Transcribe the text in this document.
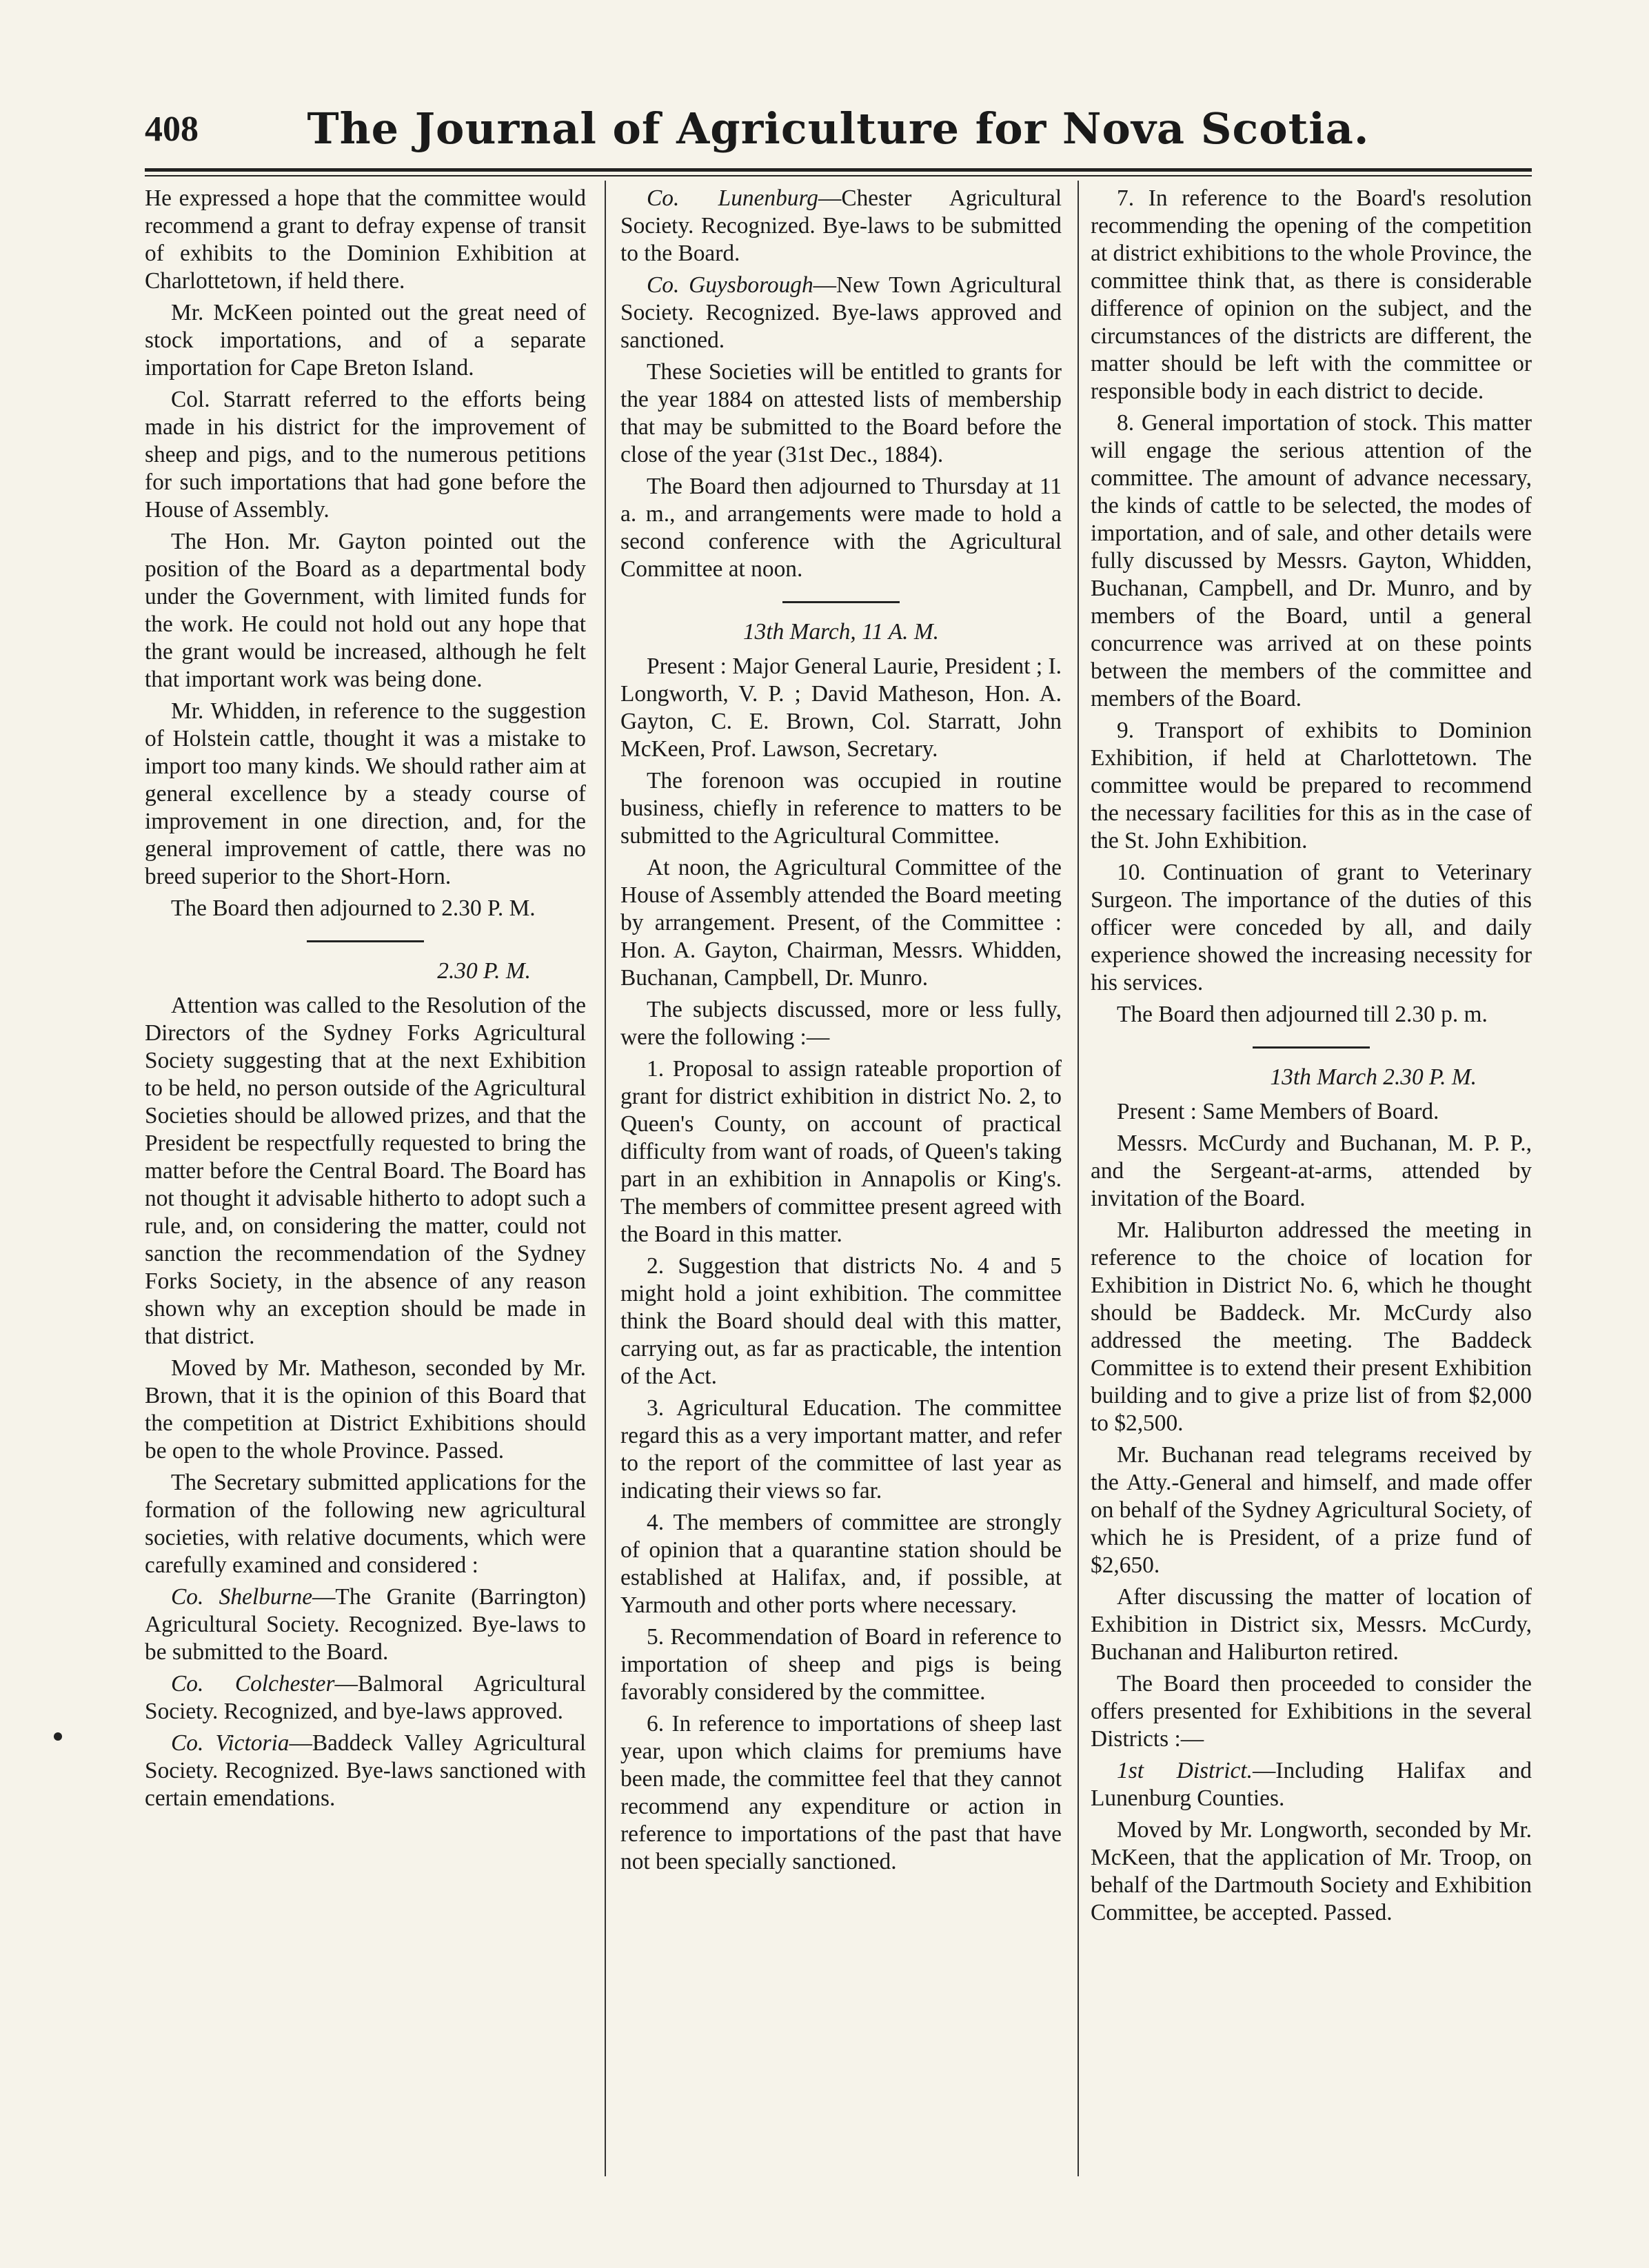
408	The Journal of Agriculture for Nova Scotia.

He expressed a hope that the committee would recommend a grant to defray expense of transit of exhibits to the Dominion Exhibition at Charlottetown, if held there.

Mr. McKeen pointed out the great need of stock importations, and of a separate importation for Cape Breton Island.

Col. Starratt referred to the efforts being made in his district for the improvement of sheep and pigs, and to the numerous petitions for such importations that had gone before the House of Assembly.

The Hon. Mr. Gayton pointed out the position of the Board as a departmental body under the Government, with limited funds for the work. He could not hold out any hope that the grant would be increased, although he felt that important work was being done.

Mr. Whidden, in reference to the suggestion of Holstein cattle, thought it was a mistake to import too many kinds. We should rather aim at general excellence by a steady course of improvement in one direction, and, for the general improvement of cattle, there was no breed superior to the Short-Horn.

The Board then adjourned to 2.30 P. M.

2.30 P. M.

Attention was called to the Resolution of the Directors of the Sydney Forks Agricultural Society suggesting that at the next Exhibition to be held, no person outside of the Agricultural Societies should be allowed prizes, and that the President be respectfully requested to bring the matter before the Central Board. The Board has not thought it advisable hitherto to adopt such a rule, and, on considering the matter, could not sanction the recommendation of the Sydney Forks Society, in the absence of any reason shown why an exception should be made in that district.

Moved by Mr. Matheson, seconded by Mr. Brown, that it is the opinion of this Board that the competition at District Exhibitions should be open to the whole Province. Passed.

The Secretary submitted applications for the formation of the following new agricultural societies, with relative documents, which were carefully examined and considered :

Co. Shelburne—The Granite (Barrington) Agricultural Society. Recognized. Bye-laws to be submitted to the Board.

Co. Colchester—Balmoral Agricultural Society. Recognized, and bye-laws approved.

Co. Victoria—Baddeck Valley Agricultural Society. Recognized. Bye-laws sanctioned with certain emendations.

Co. Lunenburg—Chester Agricultural Society. Recognized. Bye-laws to be submitted to the Board.

Co. Guysborough—New Town Agricultural Society. Recognized. Bye-laws approved and sanctioned.

These Societies will be entitled to grants for the year 1884 on attested lists of membership that may be submitted to the Board before the close of the year (31st Dec., 1884).

The Board then adjourned to Thursday at 11 a. m., and arrangements were made to hold a second conference with the Agricultural Committee at noon.

13th March, 11 A. M.

Present : Major General Laurie, President ; I. Longworth, V. P. ; David Matheson, Hon. A. Gayton, C. E. Brown, Col. Starratt, John McKeen, Prof. Lawson, Secretary.

The forenoon was occupied in routine business, chiefly in reference to matters to be submitted to the Agricultural Committee.

At noon, the Agricultural Committee of the House of Assembly attended the Board meeting by arrangement. Present, of the Committee : Hon. A. Gayton, Chairman, Messrs. Whidden, Buchanan, Campbell, Dr. Munro.

The subjects discussed, more or less fully, were the following :—

1. Proposal to assign rateable proportion of grant for district exhibition in district No. 2, to Queen's County, on account of practical difficulty from want of roads, of Queen's taking part in an exhibition in Annapolis or King's. The members of committee present agreed with the Board in this matter.

2. Suggestion that districts No. 4 and 5 might hold a joint exhibition. The committee think the Board should deal with this matter, carrying out, as far as practicable, the intention of the Act.

3. Agricultural Education. The committee regard this as a very important matter, and refer to the report of the committee of last year as indicating their views so far.

4. The members of committee are strongly of opinion that a quarantine station should be established at Halifax, and, if possible, at Yarmouth and other ports where necessary.

5. Recommendation of Board in reference to importation of sheep and pigs is being favorably considered by the committee.

6. In reference to importations of sheep last year, upon which claims for premiums have been made, the committee feel that they cannot recommend any expenditure or action in reference to importations of the past that have not been specially sanctioned.

7. In reference to the Board's resolution recommending the opening of the competition at district exhibitions to the whole Province, the committee think that, as there is considerable difference of opinion on the subject, and the circumstances of the districts are different, the matter should be left with the committee or responsible body in each district to decide.

8. General importation of stock. This matter will engage the serious attention of the committee. The amount of advance necessary, the kinds of cattle to be selected, the modes of importation, and of sale, and other details were fully discussed by Messrs. Gayton, Whidden, Buchanan, Campbell, and Dr. Munro, and by members of the Board, until a general concurrence was arrived at on these points between the members of the committee and members of the Board.

9. Transport of exhibits to Dominion Exhibition, if held at Charlottetown. The committee would be prepared to recommend the necessary facilities for this as in the case of the St. John Exhibition.

10. Continuation of grant to Veterinary Surgeon. The importance of the duties of this officer were conceded by all, and daily experience showed the increasing necessity for his services.

The Board then adjourned till 2.30 p. m.

13th March 2.30 P. M.

Present : Same Members of Board.

Messrs. McCurdy and Buchanan, M. P. P., and the Sergeant-at-arms, attended by invitation of the Board.

Mr. Haliburton addressed the meeting in reference to the choice of location for Exhibition in District No. 6, which he thought should be Baddeck. Mr. McCurdy also addressed the meeting. The Baddeck Committee is to extend their present Exhibition building and to give a prize list of from $2,000 to $2,500.

Mr. Buchanan read telegrams received by the Atty.-General and himself, and made offer on behalf of the Sydney Agricultural Society, of which he is President, of a prize fund of $2,650.

After discussing the matter of location of Exhibition in District six, Messrs. McCurdy, Buchanan and Haliburton retired.

The Board then proceeded to consider the offers presented for Exhibitions in the several Districts :—

1st District.—Including Halifax and Lunenburg Counties.

Moved by Mr. Longworth, seconded by Mr. McKeen, that the application of Mr. Troop, on behalf of the Dartmouth Society and Exhibition Committee, be accepted. Passed.
